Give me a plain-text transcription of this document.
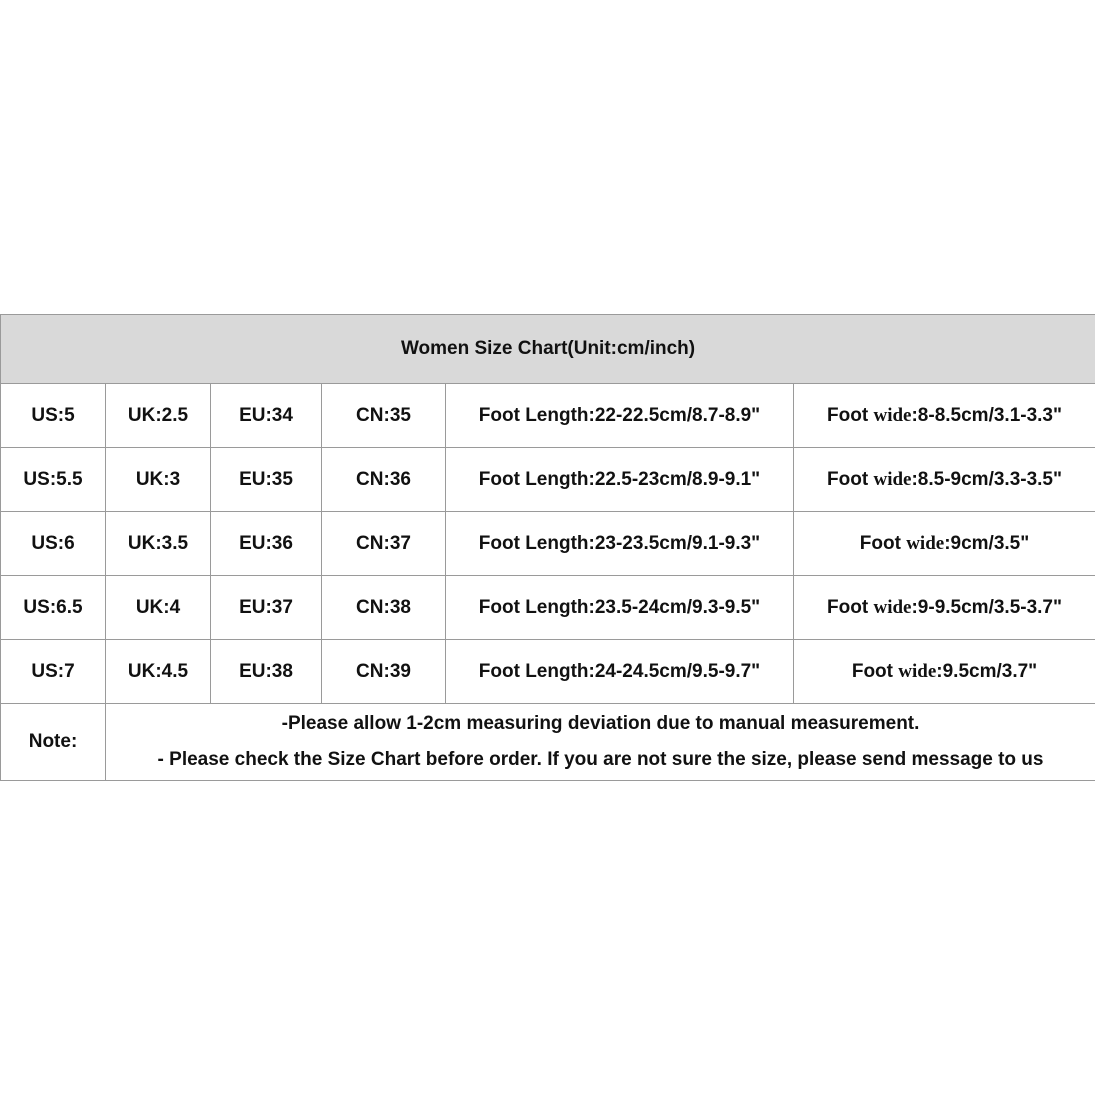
Women Size Chart(Unit:cm/inch)					
US:5	UK:2.5	EU:34	CN:35	Foot Length:22-22.5cm/8.7-8.9"	Foot wide:8-8.5cm/3.1-3.3"
US:5.5	UK:3	EU:35	CN:36	Foot Length:22.5-23cm/8.9-9.1"	Foot wide:8.5-9cm/3.3-3.5"
US:6	UK:3.5	EU:36	CN:37	Foot Length:23-23.5cm/9.1-9.3"	Foot wide:9cm/3.5"
US:6.5	UK:4	EU:37	CN:38	Foot Length:23.5-24cm/9.3-9.5"	Foot wide:9-9.5cm/3.5-3.7"
US:7	UK:4.5	EU:38	CN:39	Foot Length:24-24.5cm/9.5-9.7"	Foot wide:9.5cm/3.7"
Note:	-Please allow 1-2cm measuring deviation due to manual measurement.
- Please check the Size Chart before order. If you are not sure the size, please send message to us				
